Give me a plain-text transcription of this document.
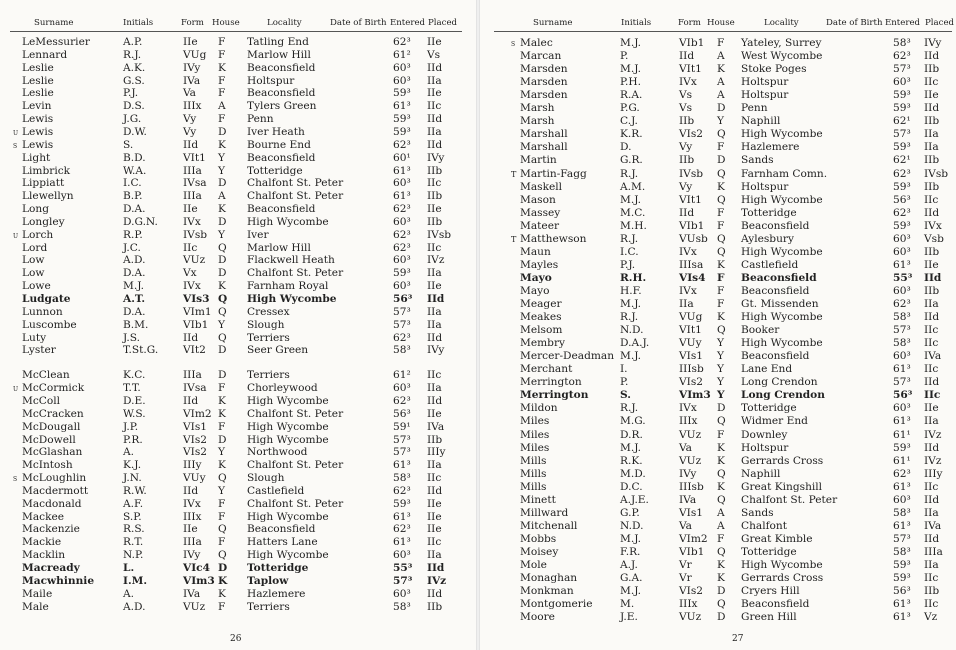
Surname	Initials	Form House	Locality	Date of Birth Entered Placed
LeMessurier	A.P.	IIe F Tatling End	62³ IIe
Lennard	R.J.	VUg F Marlow Hill	61² Vs
Leslie	A.K.	IVy K Beaconsfield	60³ IId
Leslie	G.S.	IVa F Holtspur	60³ IIa
Leslie	P.J.	Va F Beaconsfield	59³ IIe
Levin	D.S.	IIIx A Tylers Green	61³ IIc
Lewis	J.G.	Vy F Penn	59³ IId
u Lewis	D.W.	Vy D Iver Heath	59³ IIa
s Lewis	S.	IId K Bourne End	62³ IId
Light	B.D.	VIt1 Y Beaconsfield	60¹ IVy
Limbrick	W.A.	IIIa Y Totteridge	61³ IIb
Lippiatt	I.C.	IVsa D Chalfont St. Peter	60³ IIc
Llewellyn	B.P.	IIIa A Chalfont St. Peter	61³ IIb
Long	D.A.	IIe K Beaconsfield	62³ IIe
Longley	D.G.N. IVx D High Wycombe	60³ IIb
u Lorch	R.P.	IVsb Y Iver	62³ IVsb
Lord	J.C.	IIc Q Marlow Hill	62³ IIc
Low	A.D.	VUz D Flackwell Heath	60³ IVz
Low	D.A.	Vx D Chalfont St. Peter	59³ IIa
Lowe	M.J.	IVx K Farnham Royal	60³ IIe
Ludgate	A.T.	VIs3 Q High Wycombe	56³ IId
Lunnon	D.A.	VIm1 Q Cressex	57³ IIa
Luscombe	B.M.	VIb1 Y Slough	57³ IIa
Luty	J.S.	IId Q Terriers	62³ IId
Lyster	T.St.G. VIt2 D Seer Green	58³ IVy
McClean	K.C.	IIIa D Terriers	61² IIc
u McCormick	T.T.	IVsa F Chorleywood	60³ IIa
McColl	D.E.	IId K High Wycombe	62³ IId
McCracken	W.S.	VIm2 K Chalfont St. Peter	56³ IIe
McDougall	J.P.	VIs1 F High Wycombe	59¹ IVa
McDowell	P.R.	VIs2 D High Wycombe	57³ IIb
McGlashan	A.	VIs2 Y Northwood	57³ IIIy
McIntosh	K.J.	IIIy K Chalfont St. Peter	61³ IIa
s McLoughlin	J.N.	VUy Q Slough	58³ IIc
Macdermott	R.W.	IId Y Castlefield	62³ IId
Macdonald	A.F.	IVx F Chalfont St. Peter	59³ IIe
Mackee	S.P.	IIIx F High Wycombe	61³ IIe
Mackenzie	R.S.	IIe Q Beaconsfield	62³ IIe
Mackie	R.T.	IIIa F Hatters Lane	61³ IIc
Macklin	N.P.	IVy Q High Wycombe	60³ IIa
Macready	L.	VIc4 D Totteridge	55³ IId
Macwhinnie	I.M.	VIm3 K Taplow	57³ IVz
Maile	A.	IVa K Hazlemere	60³ IId
Male	A.D.	VUz F Terriers	58³ IIb
26
Surname	Initials	Form House	Locality	Date of Birth Entered Placed
s Malec	M.J.	VIb1 F Yateley, Surrey	58³ IVy
Marcan	P.	IId A West Wycombe	62³ IId
Marsden	M.J.	VIt1 K Stoke Poges	57³ IIb
Marsden	P.H.	IVx A Holtspur	60³ IIc
Marsden	R.A.	Vs A Holtspur	59³ IIe
Marsh	P.G.	Vs D Penn	59³ IId
Marsh	C.J.	IIb Y Naphill	62¹ IIb
Marshall	K.R.	VIs2 Q High Wycombe	57³ IIa
Marshall	D.	Vy F Hazlemere	59³ IIa
Martin	G.R.	IIb D Sands	62¹ IIb
T Martin-Fagg	R.J.	IVsb Q Farnham Comn.	62³ IVsb
Maskell	A.M.	Vy K Holtspur	59³ IIb
Mason	M.J.	VIt1 Q High Wycombe	56³ IIc
Massey	M.C.	IId F Totteridge	62³ IId
Mateer	M.H.	VIb1 F Beaconsfield	59³ IVx
T Matthewson	R.J.	VUsb Q Aylesbury	60³ Vsb
Maun	I.C.	IVx Q High Wycombe	60³ IIb
Mayles	P.J.	IIIsa K Castlefield	61³ IIe
Mayo	R.H.	VIs4 F Beaconsfield	55³ IId
Mayo	H.F.	IVx F Beaconsfield	60³ IIb
Meager	M.J.	IIa F Gt. Missenden	62³ IIa
Meakes	R.J.	VUg K High Wycombe	58³ IId
Melsom	N.D.	VIt1 Q Booker	57³ IIc
Membry	D.A.J.	VUy Y High Wycombe	58³ IIc
Mercer-Deadman M.J.	VIs1 Y Beaconsfield	60³ IVa
Merchant	I.	IIIsb Y Lane End	61³ IIc
Merrington	P.	VIs2 Y Long Crendon	57³ IId
Merrington	S.	VIm3 Y Long Crendon	56³ IIc
Mildon	R.J.	IVx D Totteridge	60³ IIe
Miles	M.G.	IIIx Q Widmer End	61³ IIa
Miles	D.R.	VUz F Downley	61¹ IVz
Miles	M.J.	Va K Holtspur	59³ IId
Mills	R.K.	VUz K Gerrards Cross	61¹ IVz
Mills	M.D.	IVy Q Naphill	62³ IIIy
Mills	D.C.	IIIsb K Great Kingshill	61³ IIc
Minett	A.J.E.	IVa Q Chalfont St. Peter	60³ IId
Millward	G.P.	VIs1 A Sands	58³ IIa
Mitchenall	N.D.	Va A Chalfont	61³ IVa
Mobbs	M.J.	VIm2 F Great Kimble	57³ IId
Moisey	F.R.	VIb1 Q Totteridge	58³ IIIa
Mole	A.J.	Vr K High Wycombe	59³ IIa
Monaghan	G.A.	Vr K Gerrards Cross	59³ IIc
Monkman	M.J.	VIs2 D Cryers Hill	56³ IIb
Montgomerie	M.	IIIx Q Beaconsfield	61³ IIc
Moore	J.E.	VUz D Green Hill	61³ Vz
27
